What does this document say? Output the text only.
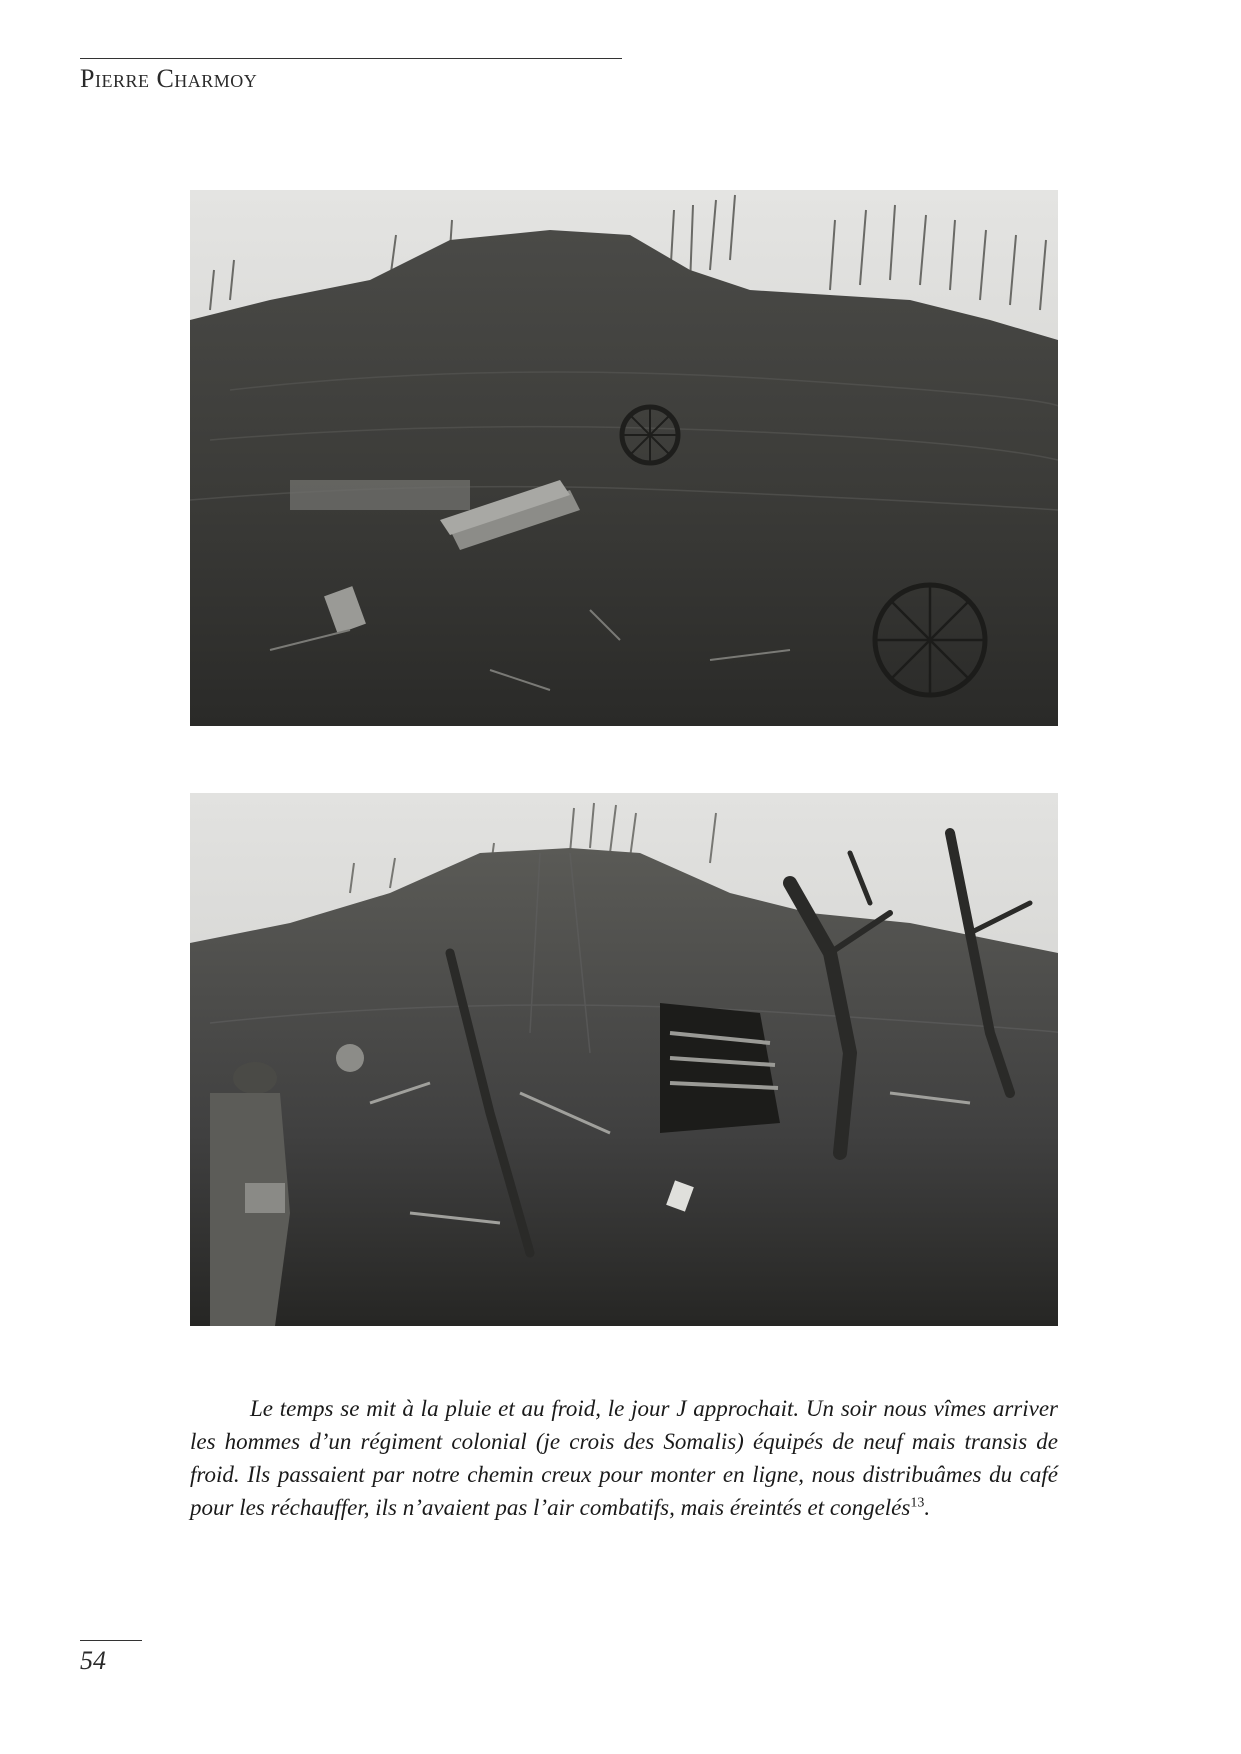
Pierre Charmoy

Le temps se mit à la pluie et au froid, le jour J approchait. Un soir nous vîmes arriver les hommes d’un régiment colonial (je crois des Somalis) équipés de neuf mais transis de froid. Ils passaient par notre chemin creux pour monter en ligne, nous distribuâmes du café pour les réchauffer, ils n’avaient pas l’air combatifs, mais éreintés et congelés$^{13}$.

54
